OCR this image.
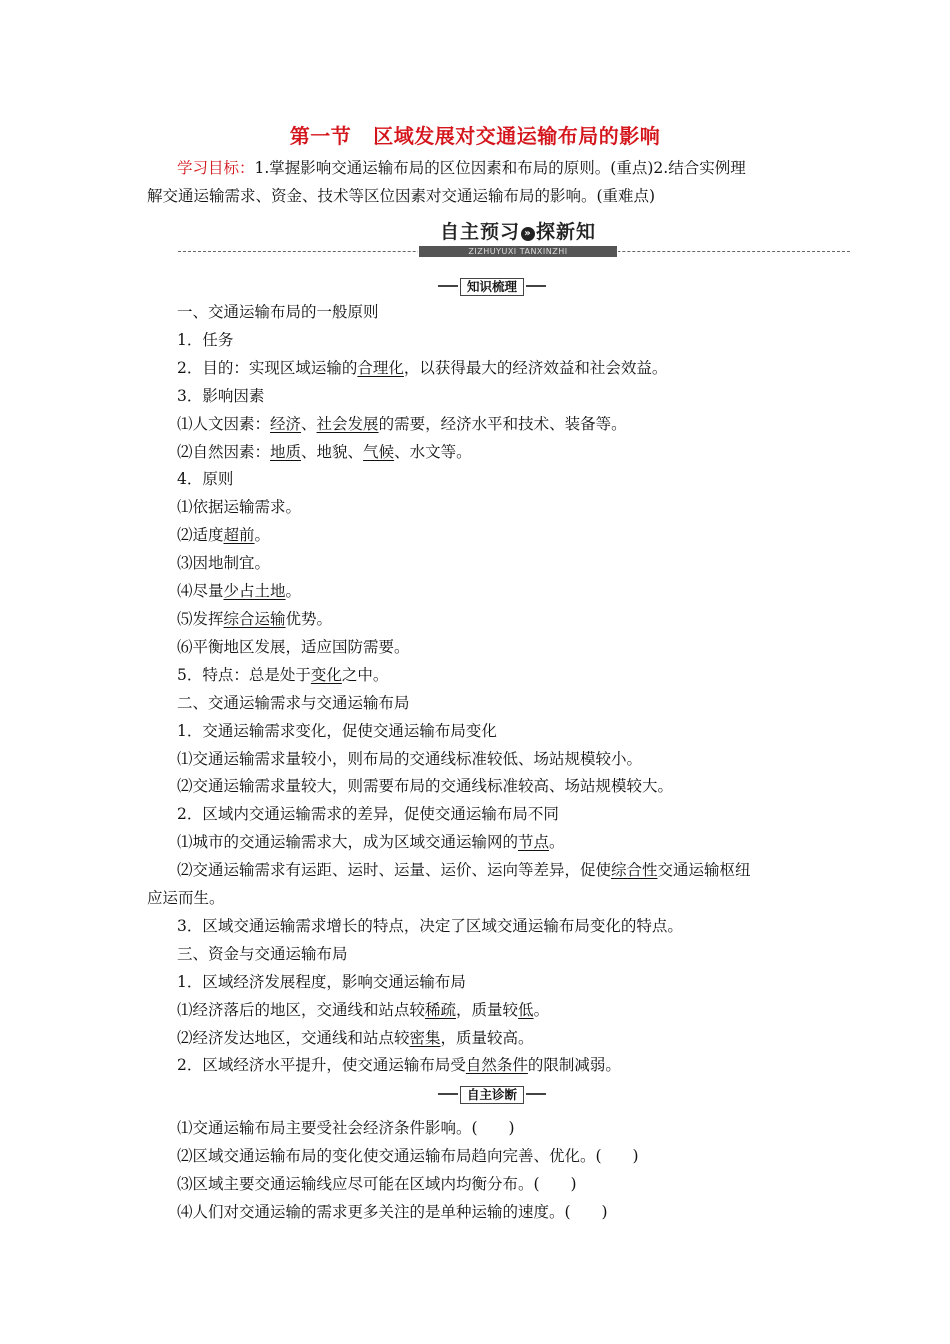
第一节 区域发展对交通运输布局的影响
学习目标：1.掌握影响交通运输布局的区位因素和布局的原则。(重点)2.结合实例理
解交通运输需求、资金、技术等区位因素对交通运输布局的影响。(重难点)
自主预习 » 探新知
ZIZHUYUXI TANXINZHI
知识梳理
一、交通运输布局的一般原则
1．任务
2．目的：实现区域运输的合理化，以获得最大的经济效益和社会效益。
3．影响因素
⑴人文因素：经济、社会发展的需要，经济水平和技术、装备等。
⑵自然因素：地质、地貌、气候、水文等。
4．原则
⑴依据运输需求。
⑵适度超前。
⑶因地制宜。
⑷尽量少占土地。
⑸发挥综合运输优势。
⑹平衡地区发展，适应国防需要。
5．特点：总是处于变化之中。
二、交通运输需求与交通运输布局
1．交通运输需求变化，促使交通运输布局变化
⑴交通运输需求量较小，则布局的交通线标准较低、场站规模较小。
⑵交通运输需求量较大，则需要布局的交通线标准较高、场站规模较大。
2．区域内交通运输需求的差异，促使交通运输布局不同
⑴城市的交通运输需求大，成为区域交通运输网的节点。
⑵交通运输需求有运距、运时、运量、运价、运向等差异，促使综合性交通运输枢纽
应运而生。
3．区域交通运输需求增长的特点，决定了区域交通运输布局变化的特点。
三、资金与交通运输布局
1．区域经济发展程度，影响交通运输布局
⑴经济落后的地区，交通线和站点较稀疏，质量较低。
⑵经济发达地区，交通线和站点较密集，质量较高。
2．区域经济水平提升，使交通运输布局受自然条件的限制减弱。
自主诊断
⑴交通运输布局主要受社会经济条件影响。(　　)
⑵区域交通运输布局的变化使交通运输布局趋向完善、优化。(　　)
⑶区域主要交通运输线应尽可能在区域内均衡分布。(　　)
⑷人们对交通运输的需求更多关注的是单种运输的速度。(　　)
